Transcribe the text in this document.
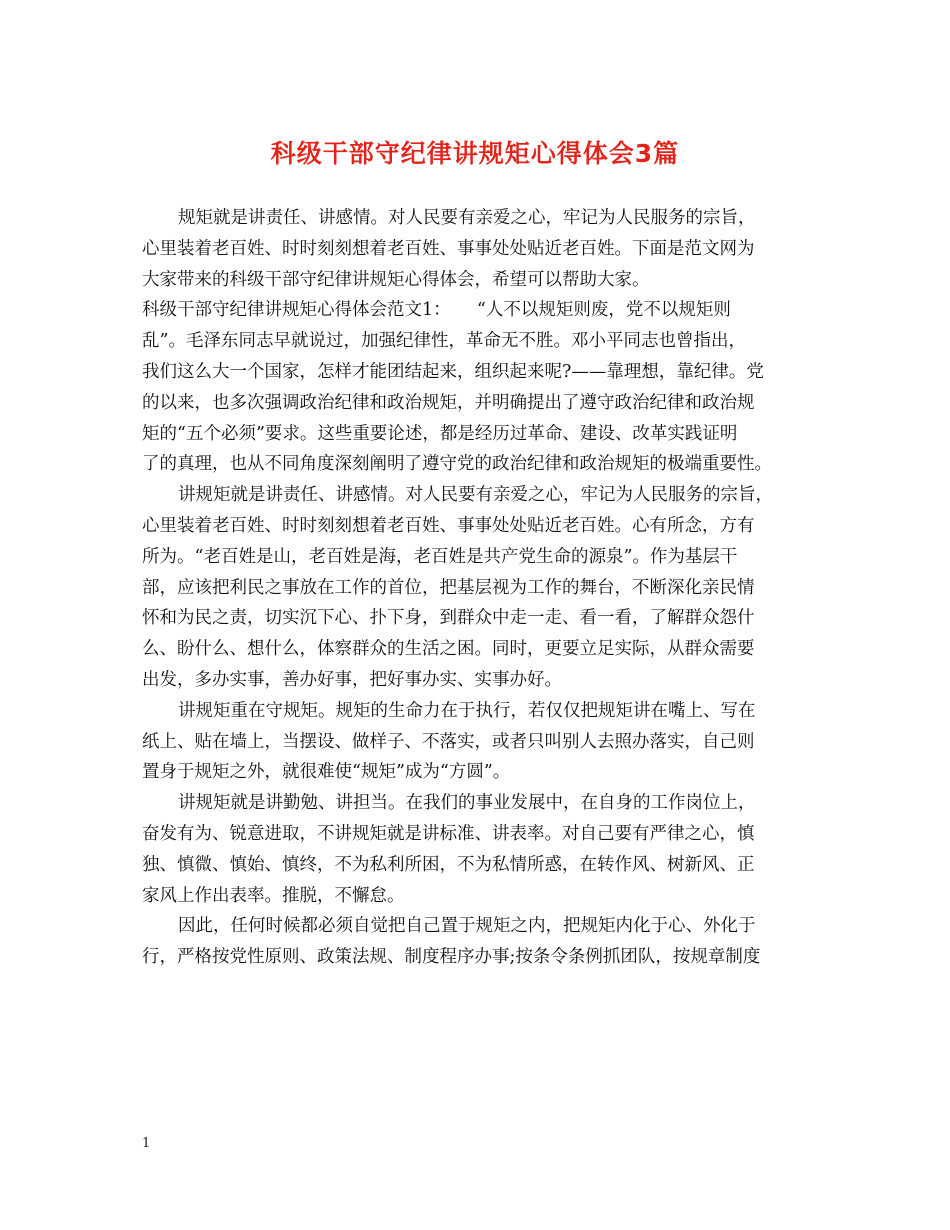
科级干部守纪律讲规矩心得体会3篇
规矩就是讲责任、讲感情。对人民要有亲爱之心，牢记为人民服务的宗旨，
心里装着老百姓、时时刻刻想着老百姓、事事处处贴近老百姓。下面是范文网为
大家带来的科级干部守纪律讲规矩心得体会，希望可以帮助大家。
科级干部守纪律讲规矩心得体会范文1：　　“人不以规矩则废，党不以规矩则
乱”。毛泽东同志早就说过，加强纪律性，革命无不胜。邓小平同志也曾指出，
我们这么大一个国家，怎样才能团结起来，组织起来呢?——靠理想，靠纪律。党
的以来，也多次强调政治纪律和政治规矩，并明确提出了遵守政治纪律和政治规
矩的“五个必须”要求。这些重要论述，都是经历过革命、建设、改革实践证明
了的真理，也从不同角度深刻阐明了遵守党的政治纪律和政治规矩的极端重要性。
讲规矩就是讲责任、讲感情。对人民要有亲爱之心，牢记为人民服务的宗旨，
心里装着老百姓、时时刻刻想着老百姓、事事处处贴近老百姓。心有所念，方有
所为。“老百姓是山，老百姓是海，老百姓是共产党生命的源泉”。作为基层干
部，应该把利民之事放在工作的首位，把基层视为工作的舞台，不断深化亲民情
怀和为民之责，切实沉下心、扑下身，到群众中走一走、看一看，了解群众怨什
么、盼什么、想什么，体察群众的生活之困。同时，更要立足实际，从群众需要
出发，多办实事，善办好事，把好事办实、实事办好。
讲规矩重在守规矩。规矩的生命力在于执行，若仅仅把规矩讲在嘴上、写在
纸上、贴在墙上，当摆设、做样子、不落实，或者只叫别人去照办落实，自己则
置身于规矩之外，就很难使“规矩”成为“方圆”。
讲规矩就是讲勤勉、讲担当。在我们的事业发展中，在自身的工作岗位上，
奋发有为、锐意进取，不讲规矩就是讲标准、讲表率。对自己要有严律之心，慎
独、慎微、慎始、慎终，不为私利所困，不为私情所惑，在转作风、树新风、正
家风上作出表率。推脱，不懈怠。
因此，任何时候都必须自觉把自己置于规矩之内，把规矩内化于心、外化于
行，严格按党性原则、政策法规、制度程序办事;按条令条例抓团队，按规章制度
1
